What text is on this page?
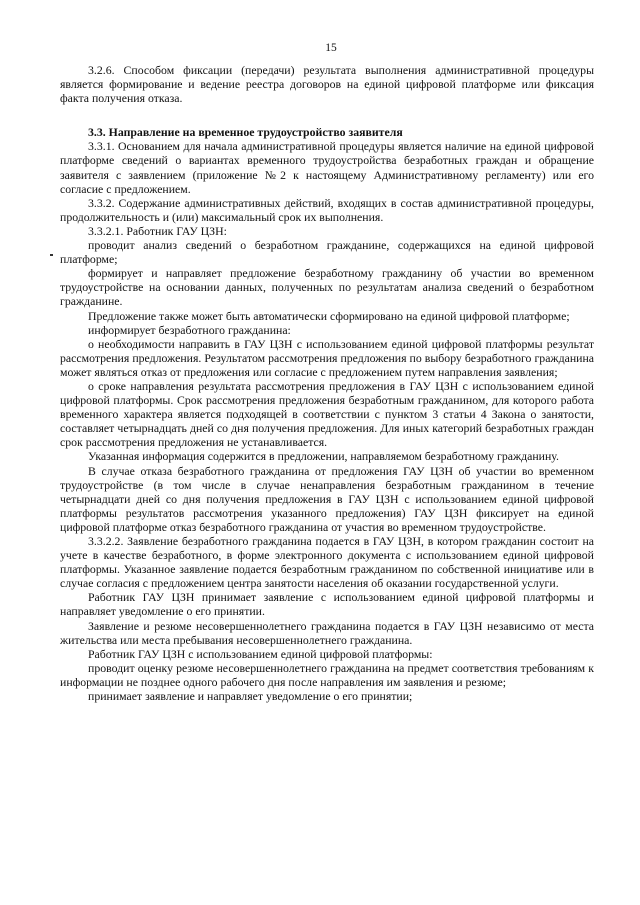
15

3.2.6. Способом фиксации (передачи) результата выполнения административной процедуры является формирование и ведение реестра договоров на единой цифровой платформе или фиксация факта получения отказа.

3.3. Направление на временное трудоустройство заявителя

3.3.1. Основанием для начала административной процедуры является наличие на единой цифровой платформе сведений о вариантах временного трудоустройства безработных граждан и обращение заявителя с заявлением (приложение №2 к настоящему Административному регламенту) или его согласие с предложением.

3.3.2. Содержание административных действий, входящих в состав административной процедуры, продолжительность и (или) максимальный срок их выполнения.

3.3.2.1. Работник ГАУ ЦЗН:

проводит анализ сведений о безработном гражданине, содержащихся на единой цифровой платформе;

формирует и направляет предложение безработному гражданину об участии во временном трудоустройстве на основании данных, полученных по результатам анализа сведений о безработном гражданине.

Предложение также может быть автоматически сформировано на единой цифровой платформе;

информирует безработного гражданина:

о необходимости направить в ГАУ ЦЗН с использованием единой цифровой платформы результат рассмотрения предложения. Результатом рассмотрения предложения по выбору безработного гражданина может являться отказ от предложения или согласие с предложением путем направления заявления;

о сроке направления результата рассмотрения предложения в ГАУ ЦЗН с использованием единой цифровой платформы. Срок рассмотрения предложения безработным гражданином, для которого работа временного характера является подходящей в соответствии с пунктом 3 статьи 4 Закона о занятости, составляет четырнадцать дней со дня получения предложения. Для иных категорий безработных граждан срок рассмотрения предложения не устанавливается.

Указанная информация содержится в предложении, направляемом безработному гражданину.

В случае отказа безработного гражданина от предложения ГАУ ЦЗН об участии во временном трудоустройстве (в том числе в случае ненаправления безработным гражданином в течение четырнадцати дней со дня получения предложения в ГАУ ЦЗН с использованием единой цифровой платформы результатов рассмотрения указанного предложения) ГАУ ЦЗН фиксирует на единой цифровой платформе отказ безработного гражданина от участия во временном трудоустройстве.

3.3.2.2. Заявление безработного гражданина подается в ГАУ ЦЗН, в котором гражданин состоит на учете в качестве безработного, в форме электронного документа с использованием единой цифровой платформы. Указанное заявление подается безработным гражданином по собственной инициативе или в случае согласия с предложением центра занятости населения об оказании государственной услуги.

Работник ГАУ ЦЗН принимает заявление с использованием единой цифровой платформы и направляет уведомление о его принятии.

Заявление и резюме несовершеннолетнего гражданина подается в ГАУ ЦЗН независимо от места жительства или места пребывания несовершеннолетнего гражданина.

Работник ГАУ ЦЗН с использованием единой цифровой платформы:

проводит оценку резюме несовершеннолетнего гражданина на предмет соответствия требованиям к информации не позднее одного рабочего дня после направления им заявления и резюме;

принимает заявление и направляет уведомление о его принятии;
